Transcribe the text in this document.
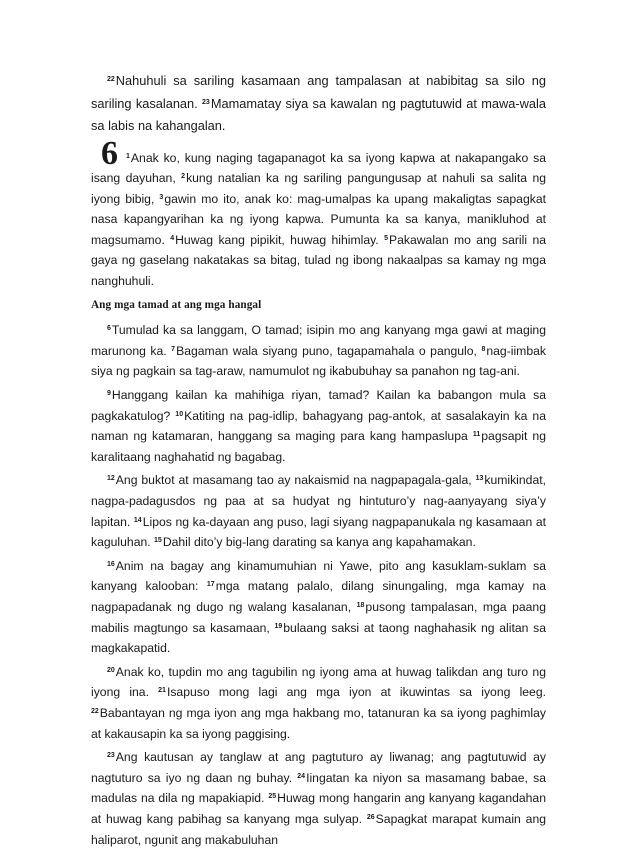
$^{22}$Nahuhuli sa sariling kasamaan ang tampalasan at nabibitag sa silo ng sariling kasalanan. $^{23}$Mamamatay siya sa kawalan ng pagtutuwid at mawa-wala sa labis na kahangalan.

6 $^1$Anak ko, kung naging tagapanagot ka sa iyong kapwa at nakapangako sa isang dayuhan, $^2$kung natalian ka ng sariling pangungusap at nahuli sa salita ng iyong bibig, $^3$gawin mo ito, anak ko: mag-umalpas ka upang makaligtas sapagkat nasa kapangyarihan ka ng iyong kapwa. Pumunta ka sa kanya, manikluhod at magsumamo. $^4$Huwag kang pipikit, huwag hihimlay. $^5$Pakawalan mo ang sarili na gaya ng gaselang nakatakas sa bitag, tulad ng ibong nakaalpas sa kamay ng mga nanghuhuli.

Ang mga tamad at ang mga hangal

$^6$Tumulad ka sa langgam, O tamad; isipin mo ang kanyang mga gawi at maging marunong ka. $^7$Bagaman wala siyang puno, tagapamahala o pangulo, $^8$nag-iimbak siya ng pagkain sa tag-araw, namumulot ng ikabubuhay sa panahon ng tag-ani.

$^9$Hanggang kailan ka mahihiga riyan, tamad? Kailan ka babangon mula sa pagkakatulog? $^{10}$Katiting na pag-idlip, bahagyang pag-antok, at sasalakayin ka na naman ng katamaran, hanggang sa maging para kang hampaslupa $^{11}$pagsapit ng karalitaang naghahatid ng bagabag.

$^{12}$Ang buktot at masamang tao ay nakaismid na nagpapagala-gala, $^{13}$kumikindat, nagpa-padagusdos ng paa at sa hudyat ng hintuturo’y nag-aanyayang siya’y lapitan. $^{14}$Lipos ng ka-dayaan ang puso, lagi siyang nagpapanukala ng kasamaan at kaguluhan. $^{15}$Dahil dito’y big-lang darating sa kanya ang kapahamakan.

$^{16}$Anim na bagay ang kinamumuhian ni Yawe, pito ang kasuklam-suklam sa kanyang kalooban: $^{17}$mga matang palalo, dilang sinungaling, mga kamay na nagpapadanak ng dugo ng walang kasalanan, $^{18}$pusong tampalasan, mga paang mabilis magtungo sa kasamaan, $^{19}$bulaang saksi at taong naghahasik ng alitan sa magkakapatid.

$^{20}$Anak ko, tupdin mo ang tagubilin ng iyong ama at huwag talikdan ang turo ng iyong ina. $^{21}$Isapuso mong lagi ang mga iyon at ikuwintas sa iyong leeg. $^{22}$Babantayan ng mga iyon ang mga hakbang mo, tatanuran ka sa iyong paghimlay at kakausapin ka sa iyong paggising.

$^{23}$Ang kautusan ay tanglaw at ang pagtuturo ay liwanag; ang pagtutuwid ay nagtuturo sa iyo ng daan ng buhay. $^{24}$Iingatan ka niyon sa masamang babae, sa madulas na dila ng mapakiapid. $^{25}$Huwag mong hangarin ang kanyang kagandahan at huwag kang pabihag sa kanyang mga sulyap. $^{26}$Sapagkat marapat kumain ang haliparot, ngunit ang makabuluhan
